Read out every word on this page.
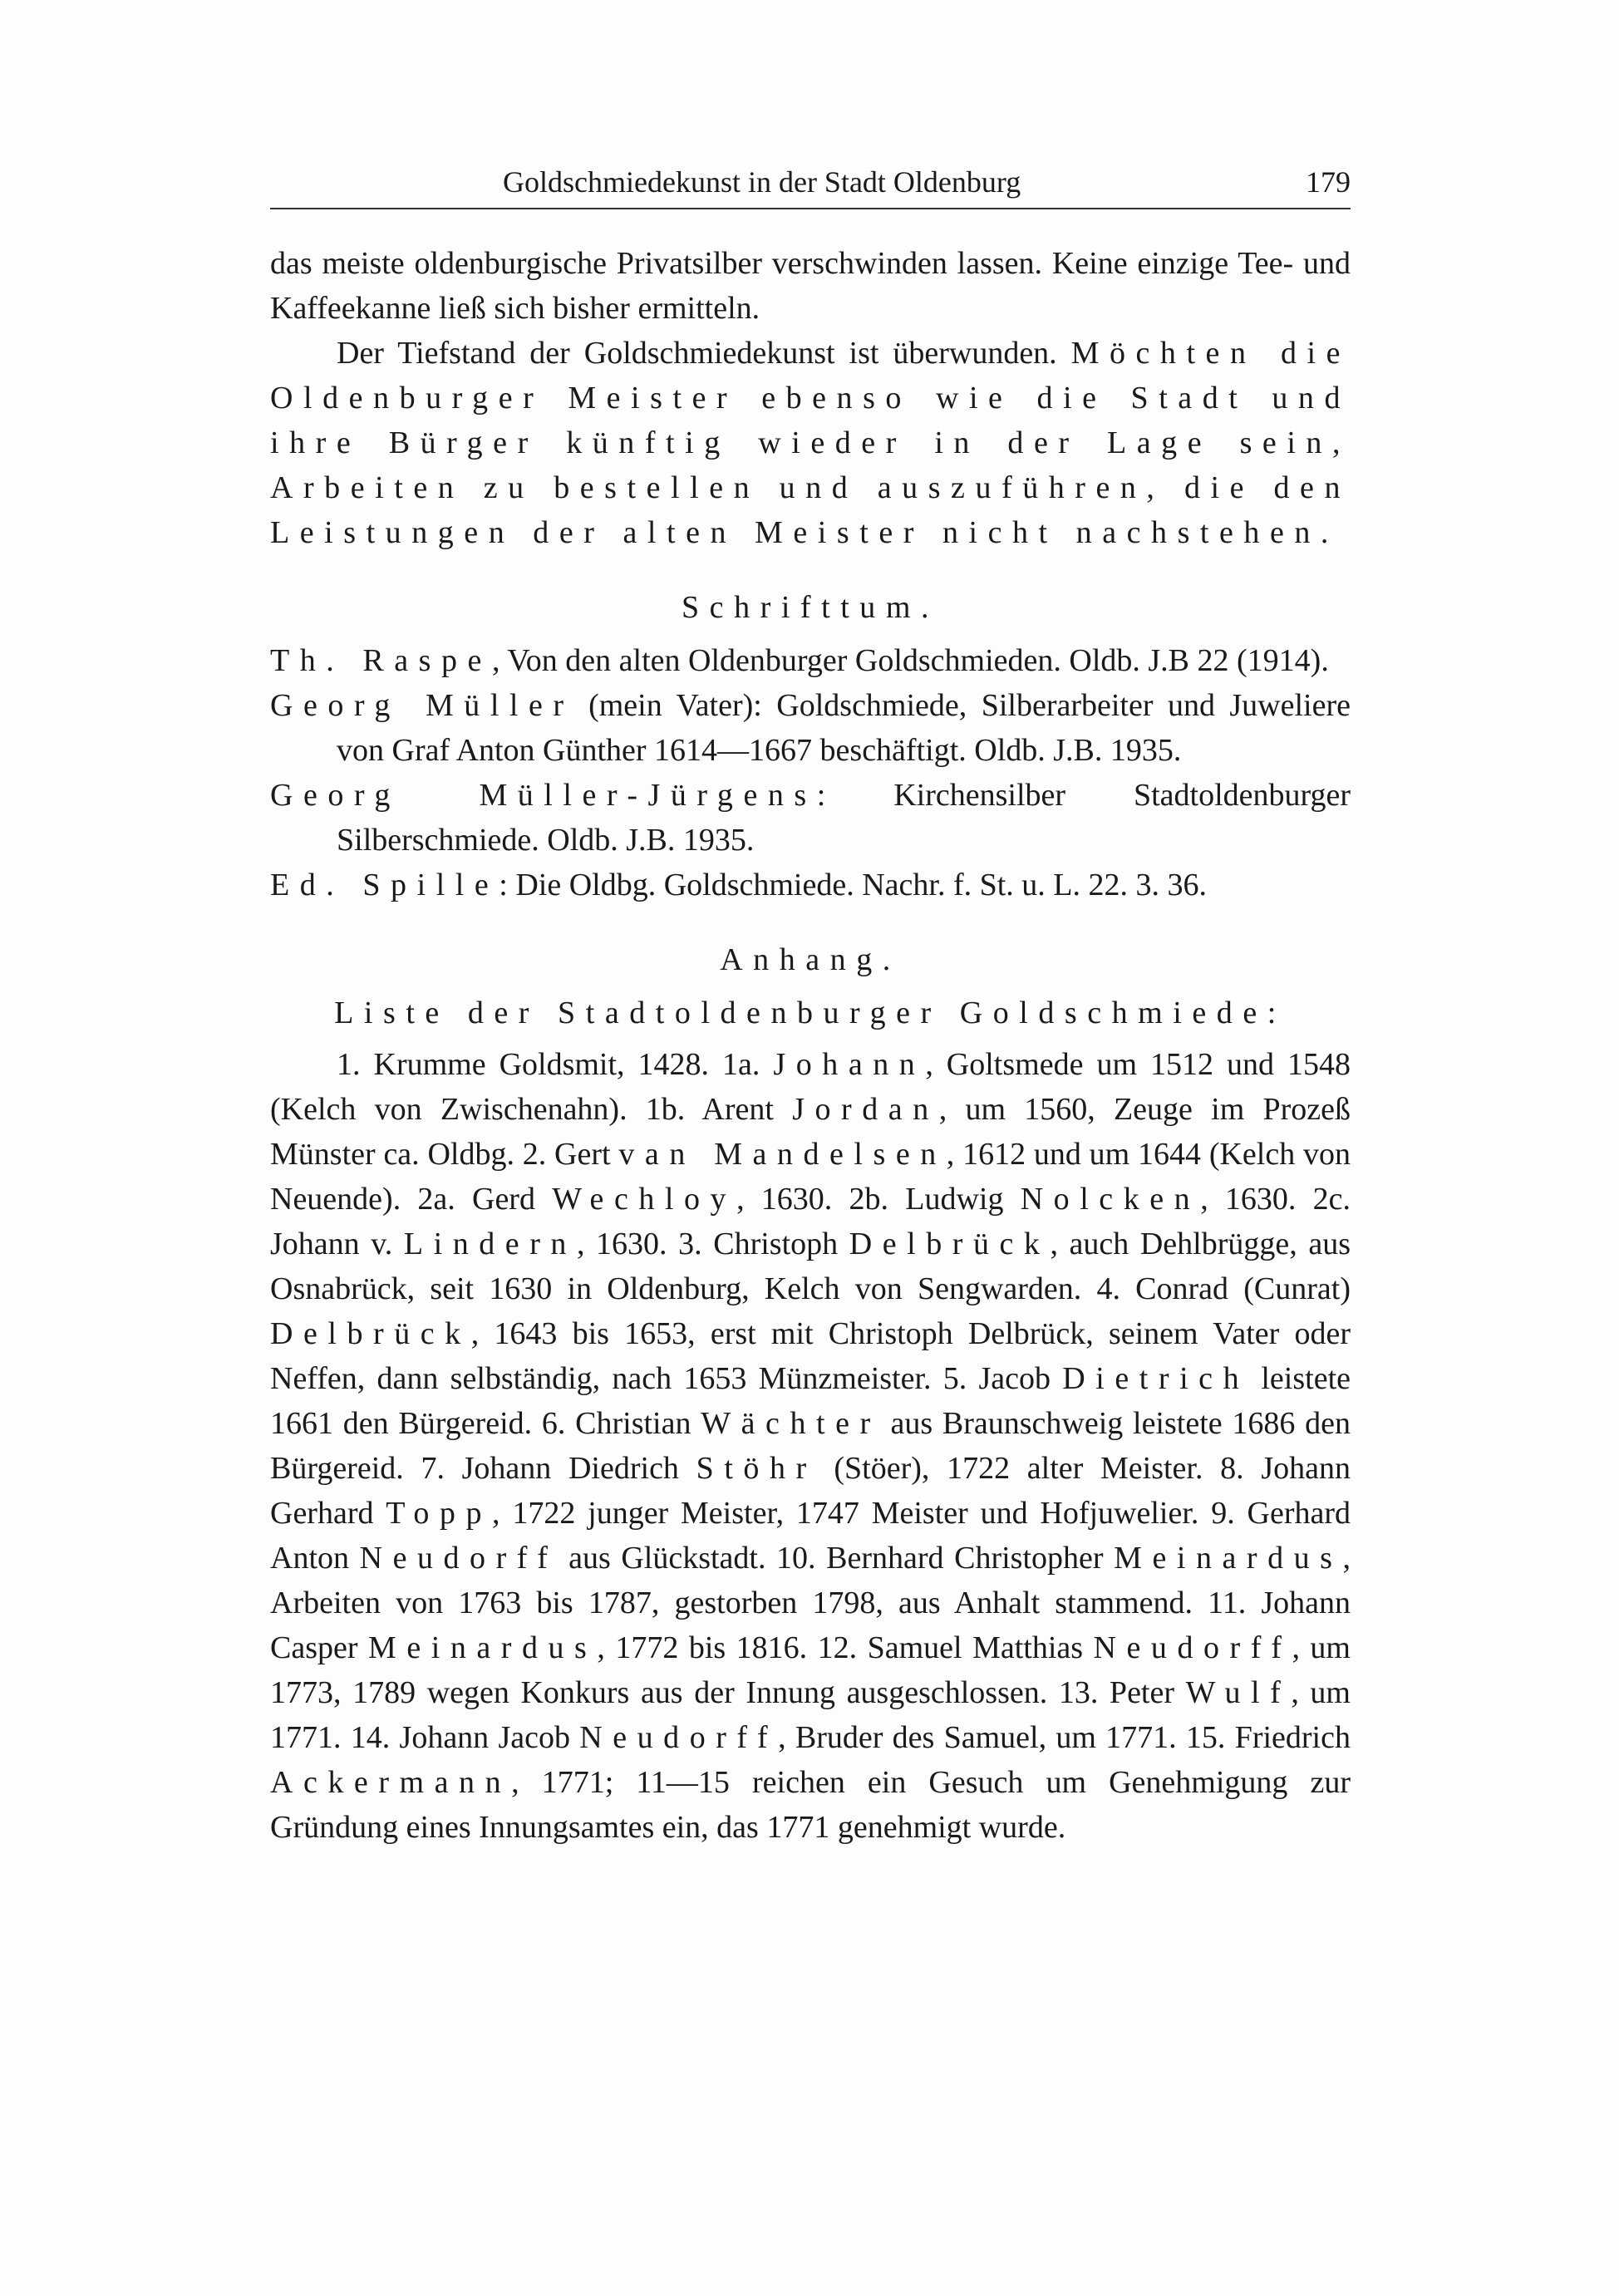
Goldschmiedekunst in der Stadt Oldenburg	179

das meiste oldenburgische Privatsilber verschwinden lassen. Keine einzige Tee- und Kaffeekanne ließ sich bisher ermitteln.

Der Tiefstand der Goldschmiedekunst ist überwunden. Möchten die Oldenburger Meister ebenso wie die Stadt und ihre Bürger künftig wieder in der Lage sein, Arbeiten zu bestellen und auszuführen, die den Leistungen der alten Meister nicht nachstehen.

Schrifttum.

Th. Raspe, Von den alten Oldenburger Goldschmieden. Oldb. J.B 22 (1914).

Georg Müller (mein Vater): Goldschmiede, Silberarbeiter und Juweliere von Graf Anton Günther 1614—1667 beschäftigt. Oldb. J.B. 1935.

Georg Müller-Jürgens: Kirchensilber Stadtoldenburger Silberschmiede. Oldb. J.B. 1935.

Ed. Spille: Die Oldbg. Goldschmiede. Nachr. f. St. u. L. 22. 3. 36.

Anhang.

Liste der Stadtoldenburger Goldschmiede:

1. Krumme Goldsmit, 1428. 1a. Johann, Goltsmede um 1512 und 1548 (Kelch von Zwischenahn). 1b. Arent Jordan, um 1560, Zeuge im Prozeß Münster ca. Oldbg. 2. Gert van Mandelsen, 1612 und um 1644 (Kelch von Neuende). 2a. Gerd Wechloy, 1630. 2b. Ludwig Nolcken, 1630. 2c. Johann v. Lindern, 1630. 3. Christoph Delbrück, auch Dehlbrügge, aus Osnabrück, seit 1630 in Oldenburg, Kelch von Sengwarden. 4. Conrad (Cunrat) Delbrück, 1643 bis 1653, erst mit Christoph Delbrück, seinem Vater oder Neffen, dann selbständig, nach 1653 Münzmeister. 5. Jacob Dietrich leistete 1661 den Bürgereid. 6. Christian Wächter aus Braunschweig leistete 1686 den Bürgereid. 7. Johann Diedrich Stöhr (Stöer), 1722 alter Meister. 8. Johann Gerhard Topp, 1722 junger Meister, 1747 Meister und Hofjuwelier. 9. Gerhard Anton Neudorff aus Glückstadt. 10. Bernhard Christopher Meinardus, Arbeiten von 1763 bis 1787, gestorben 1798, aus Anhalt stammend. 11. Johann Casper Meinardus, 1772 bis 1816. 12. Samuel Matthias Neudorff, um 1773, 1789 wegen Konkurs aus der Innung ausgeschlossen. 13. Peter Wulf, um 1771. 14. Johann Jacob Neudorff, Bruder des Samuel, um 1771. 15. Friedrich Ackermann, 1771; 11—15 reichen ein Gesuch um Genehmigung zur Gründung eines Innungsamtes ein, das 1771 genehmigt wurde.
